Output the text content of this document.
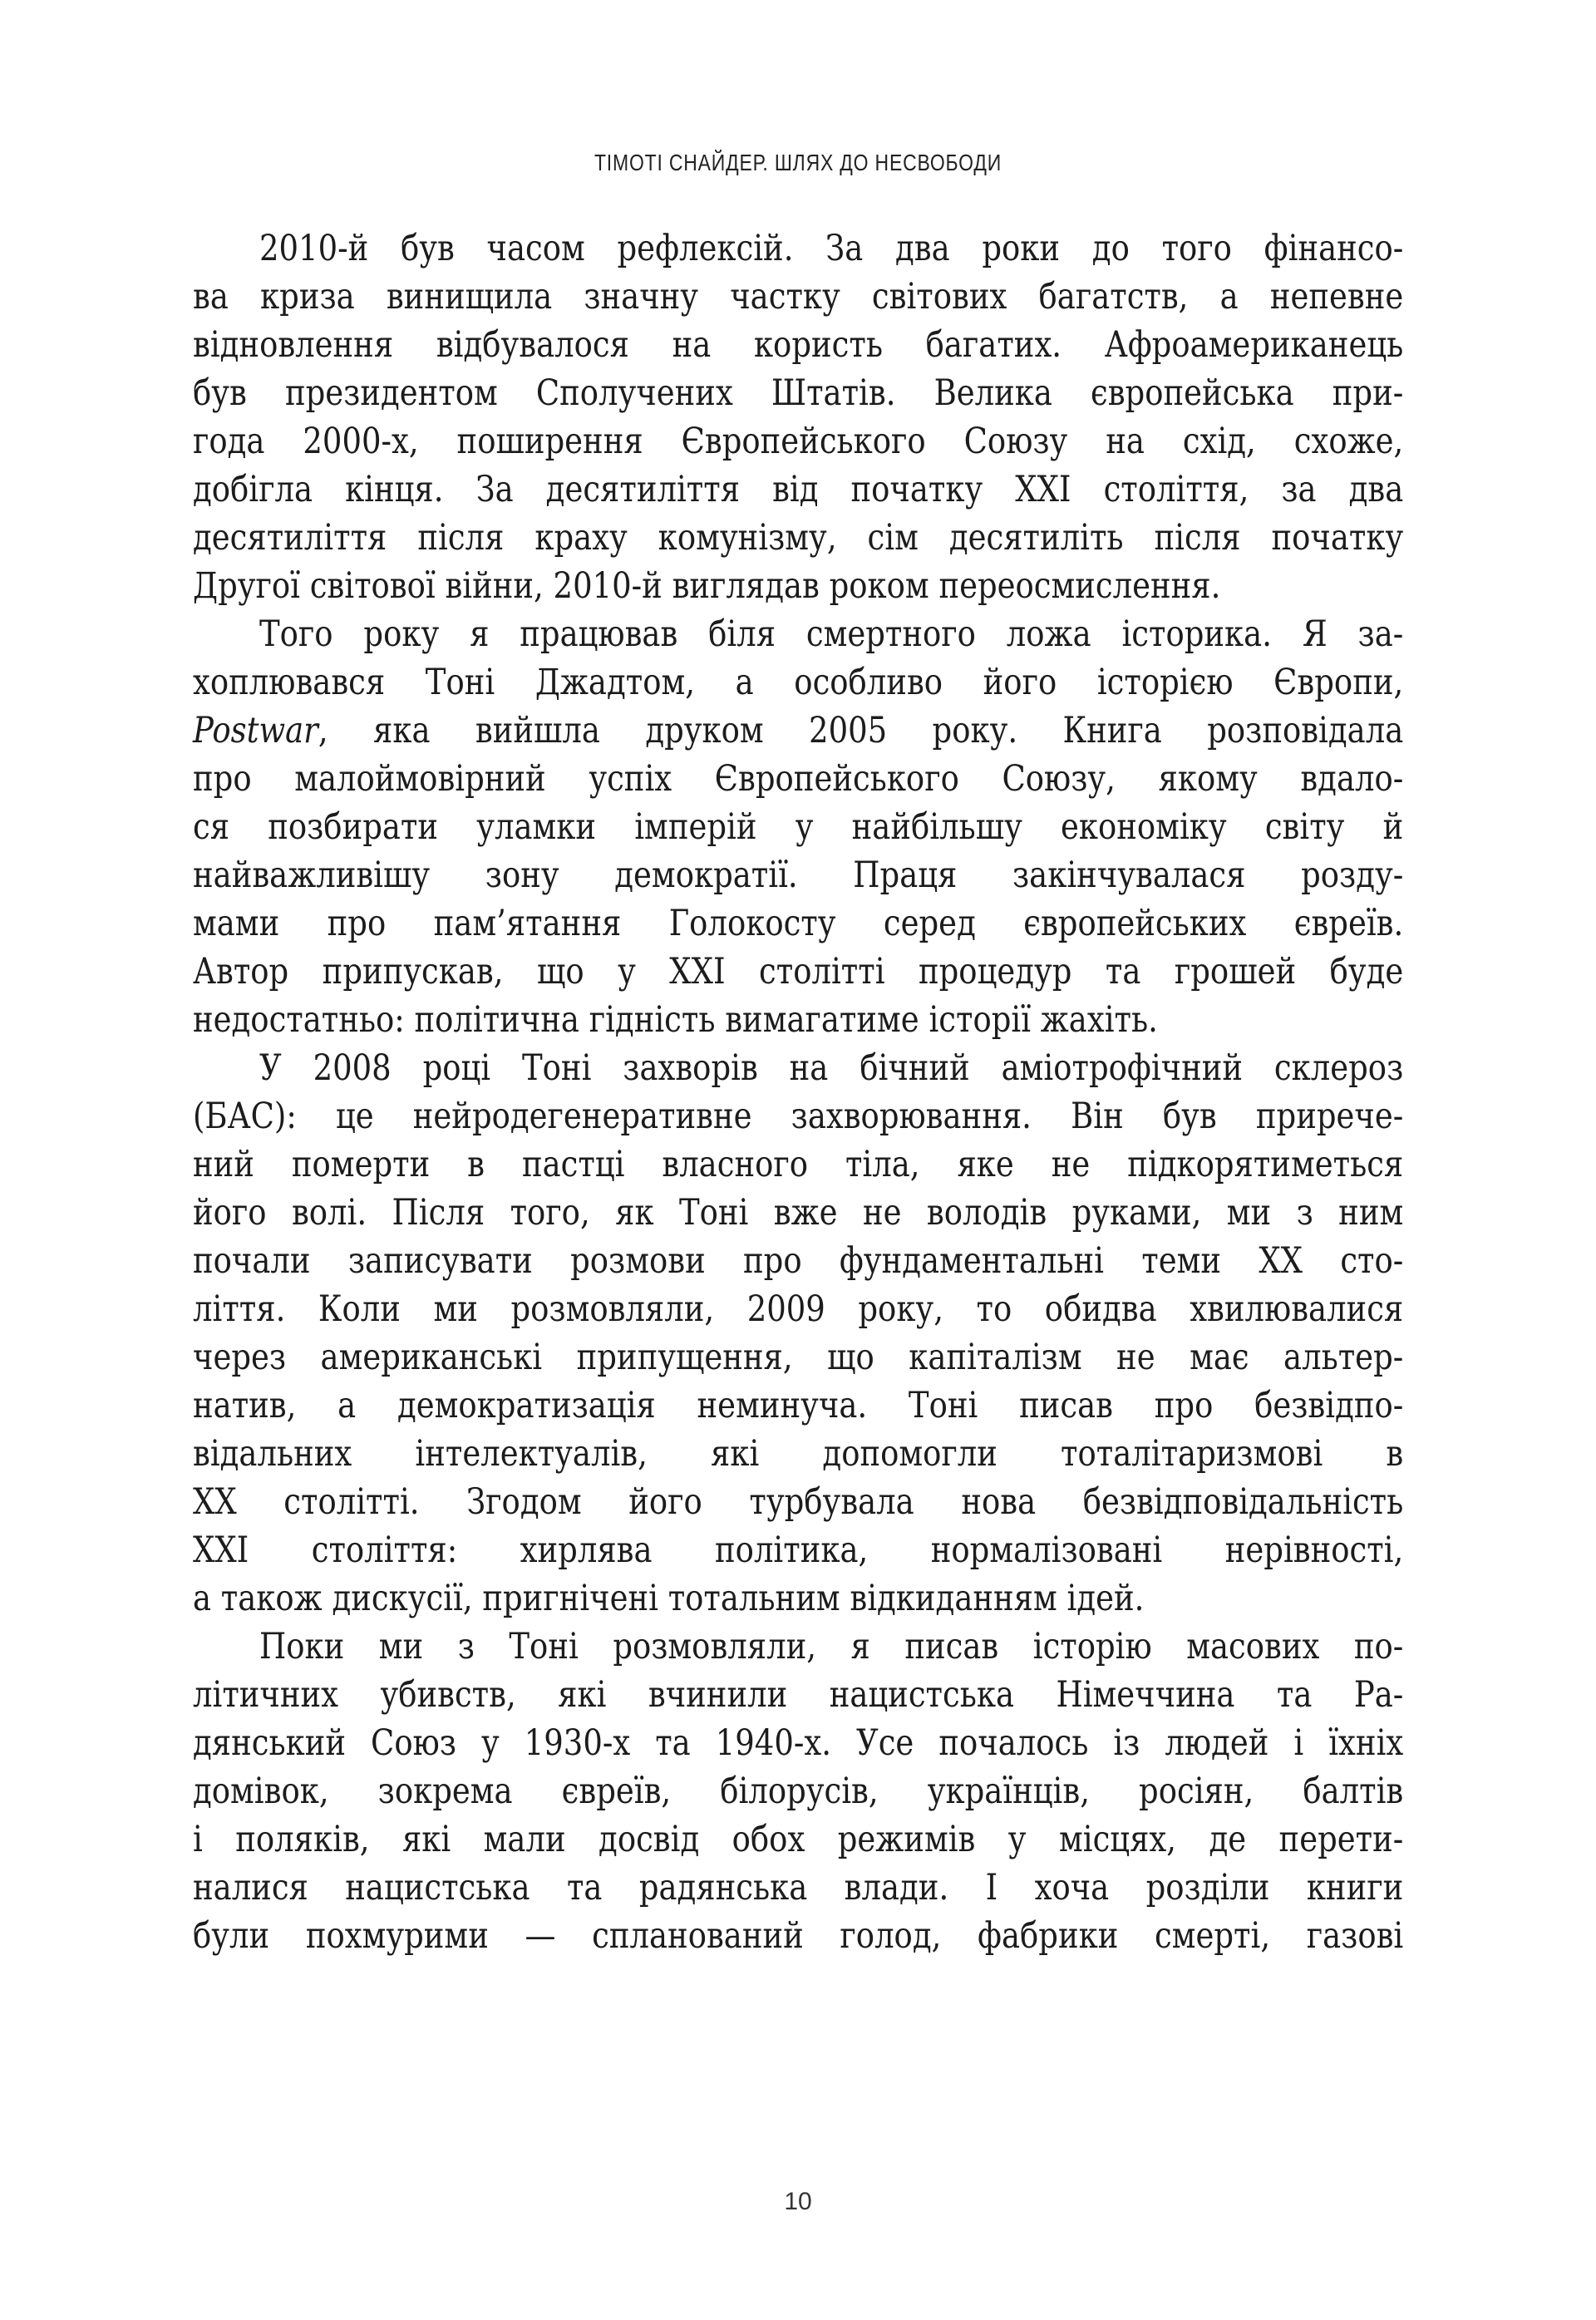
ТІМОТІ СНАЙДЕР. ШЛЯХ ДО НЕСВОБОДИ
2010-й був часом рефлексій. За два роки до того фінансо-
ва криза винищила значну частку світових багатств, а непевне
відновлення відбувалося на користь багатих. Афроамериканець
був президентом Сполучених Штатів. Велика європейська при-
года 2000-х, поширення Європейського Союзу на схід, схоже,
добігла кінця. За десятиліття від початку XXI століття, за два
десятиліття після краху комунізму, сім десятиліть після початку
Другої світової війни, 2010-й виглядав роком переосмислення.
Того року я працював біля смертного ложа історика. Я за-
хоплювався Тоні Джадтом, а особливо його історією Європи,
Postwar, яка вийшла друком 2005 року. Книга розповідала
про малоймовірний успіх Європейського Союзу, якому вдало-
ся позбирати уламки імперій у найбільшу економіку світу й
найважливішу зону демократії. Праця закінчувалася розду-
мами про пам’ятання Голокосту серед європейських євреїв.
Автор припускав, що у XXI столітті процедур та грошей буде
недостатньо: політична гідність вимагатиме історії жахіть.
У 2008 році Тоні захворів на бічний аміотрофічний склероз
(БАС): це нейродегенеративне захворювання. Він був прирече-
ний померти в пастці власного тіла, яке не підкорятиметься
його волі. Після того, як Тоні вже не володів руками, ми з ним
почали записувати розмови про фундаментальні теми XX сто-
ліття. Коли ми розмовляли, 2009 року, то обидва хвилювалися
через американські припущення, що капіталізм не має альтер-
натив, а демократизація неминуча. Тоні писав про безвідпо-
відальних інтелектуалів, які допомогли тоталітаризмові в
XX столітті. Згодом його турбувала нова безвідповідальність
XXI століття: хирлява політика, нормалізовані нерівності,
а також дискусії, пригнічені тотальним відкиданням ідей.
Поки ми з Тоні розмовляли, я писав історію масових по-
літичних убивств, які вчинили нацистська Німеччина та Ра-
дянський Союз у 1930-х та 1940-х. Усе почалось із людей і їхніх
домівок, зокрема євреїв, білорусів, українців, росіян, балтів
і поляків, які мали досвід обох режимів у місцях, де перети-
налися нацистська та радянська влади. І хоча розділи книги
були похмурими — спланований голод, фабрики смерті, газові
10
